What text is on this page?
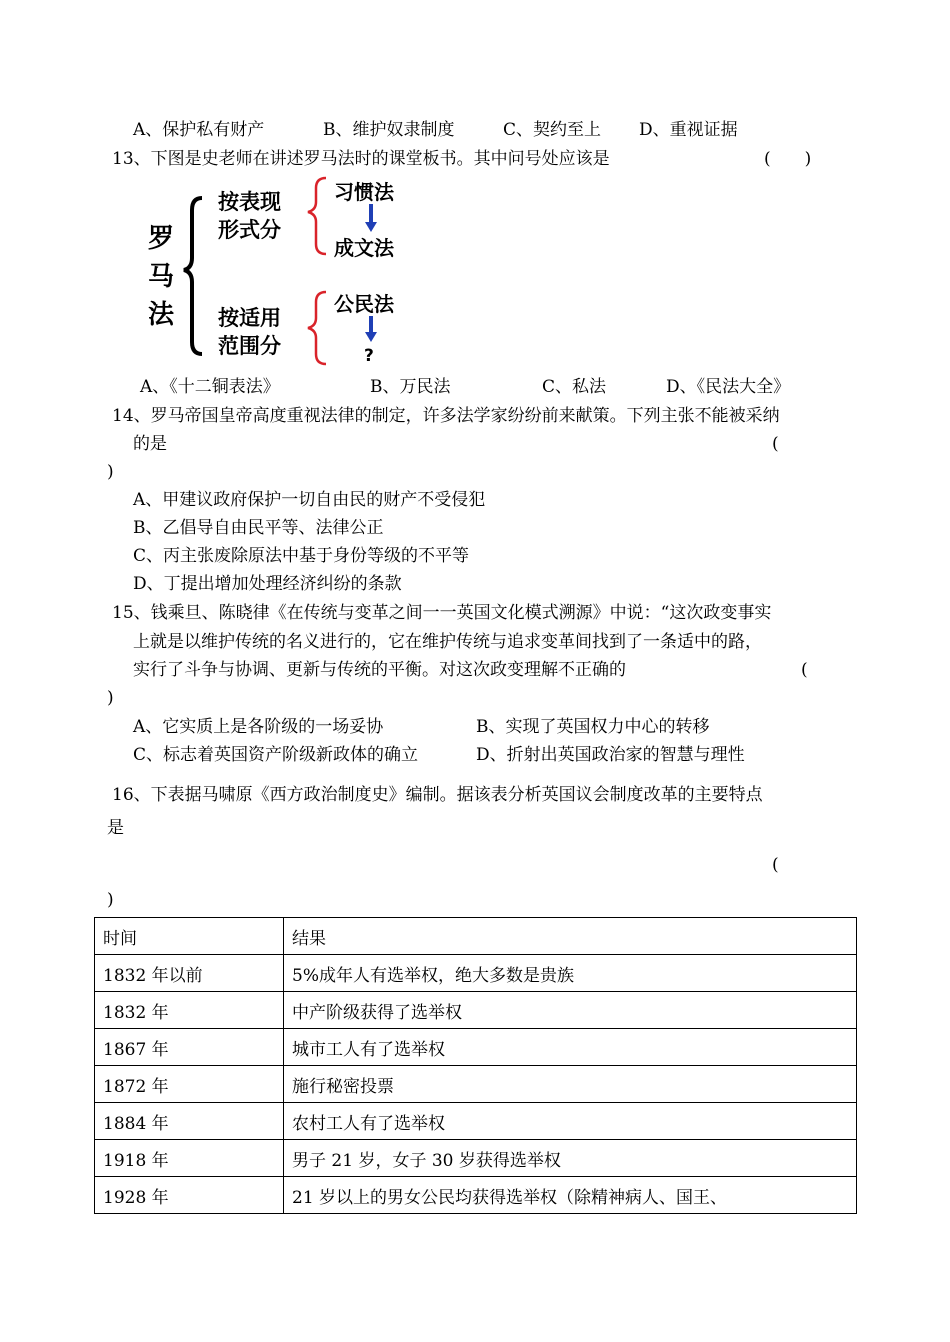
A、保护私有财产	B、维护奴隶制度	C、契约至上 D、重视证据
13、下图是史老师在讲述罗马法时的课堂板书。其中问号处应该是	(　　)
罗
马
法
按表现
形式分
按适用
范围分
习惯法
成文法
公民法
?
A、《十二铜表法》	B、万民法	C、私法	D、《民法大全》
14、罗马帝国皇帝高度重视法律的制定，许多法学家纷纷前来献策。下列主张不能被采纳
的是	(
)
A、甲建议政府保护一切自由民的财产不受侵犯
B、乙倡导自由民平等、法律公正
C、丙主张废除原法中基于身份等级的不平等
D、丁提出增加处理经济纠纷的条款
15、钱乘旦、陈晓律《在传统与变革之间一一英国文化模式溯源》中说：“这次政变事实
上就是以维护传统的名义进行的，它在维护传统与追求变革间找到了一条适中的路，
实行了斗争与协调、更新与传统的平衡。对这次政变理解不正确的	(
)
A、它实质上是各阶级的一场妥协	B、实现了英国权力中心的转移
C、标志着英国资产阶级新政体的确立	D、折射出英国政治家的智慧与理性
16、下表据马啸原《西方政治制度史》编制。据该表分析英国议会制度改革的主要特点
是
(
)
时间	结果
1832 年以前	5%成年人有选举权，绝大多数是贵族
1832 年	中产阶级获得了选举权
1867 年	城市工人有了选举权
1872 年	施行秘密投票
1884 年	农村工人有了选举权
1918 年	男子 21 岁，女子 30 岁获得选举权
1928 年	21 岁以上的男女公民均获得选举权（除精神病人、国王、
